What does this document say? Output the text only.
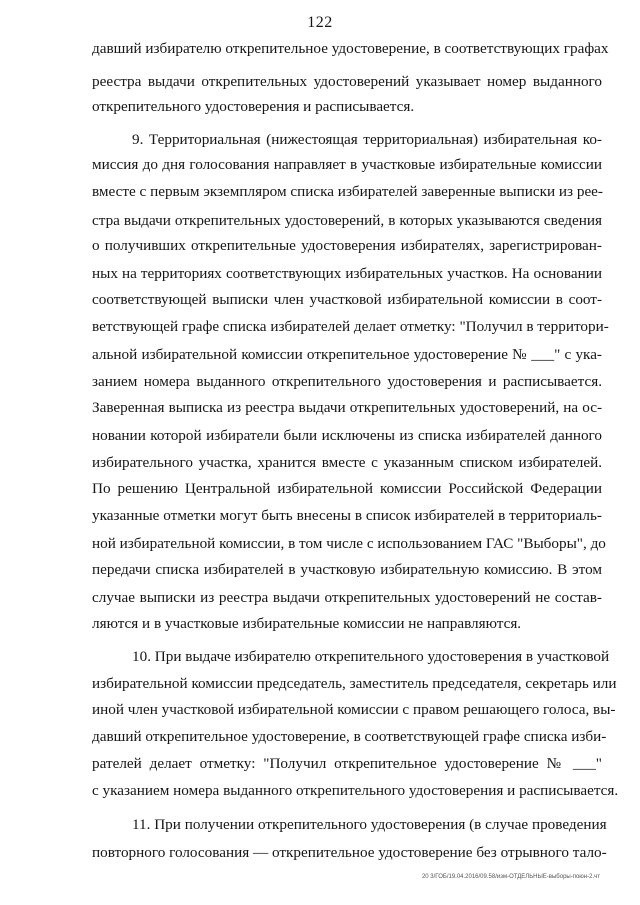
122
давший избирателю открепительное удостоверение, в соответствующих графах
реестра выдачи открепительных удостоверений указывает номер выданного
открепительного удостоверения и расписывается.
9. Территориальная (нижестоящая территориальная) избирательная ко-
миссия до дня голосования направляет в участковые избирательные комиссии
вместе с первым экземпляром списка избирателей заверенные выписки из рее-
стра выдачи открепительных удостоверений, в которых указываются сведения
о получивших открепительные удостоверения избирателях, зарегистрирован-
ных на территориях соответствующих избирательных участков. На основании
соответствующей выписки член участковой избирательной комиссии в соот-
ветствующей графе списка избирателей делает отметку: "Получил в территори-
альной избирательной комиссии открепительное удостоверение № ___" с ука-
занием номера выданного открепительного удостоверения и расписывается.
Заверенная выписка из реестра выдачи открепительных удостоверений, на ос-
новании которой избиратели были исключены из списка избирателей данного
избирательного участка, хранится вместе с указанным списком избирателей.
По решению Центральной избирательной комиссии Российской Федерации
указанные отметки могут быть внесены в список избирателей в территориаль-
ной избирательной комиссии, в том числе с использованием ГАС "Выборы", до
передачи списка избирателей в участковую избирательную комиссию. В этом
случае выписки из реестра выдачи открепительных удостоверений не состав-
ляются и в участковые избирательные комиссии не направляются.
10. При выдаче избирателю открепительного удостоверения в участковой
избирательной комиссии председатель, заместитель председателя, секретарь или
иной член участковой избирательной комиссии с правом решающего голоса, вы-
давший открепительное удостоверение, в соответствующей графе списка изби-
рателей делает отметку: "Получил открепительное удостоверение № ___"
с указанием номера выданного открепительного удостоверения и расписывается.
11. При получении открепительного удостоверения (в случае проведения
повторного голосования — открепительное удостоверение без отрывного тало-
20 3/ГОБ/19.04.2016/09.58/изм-ОТДЕЛЬНЫЕ-выборы-поюн-2.чт
